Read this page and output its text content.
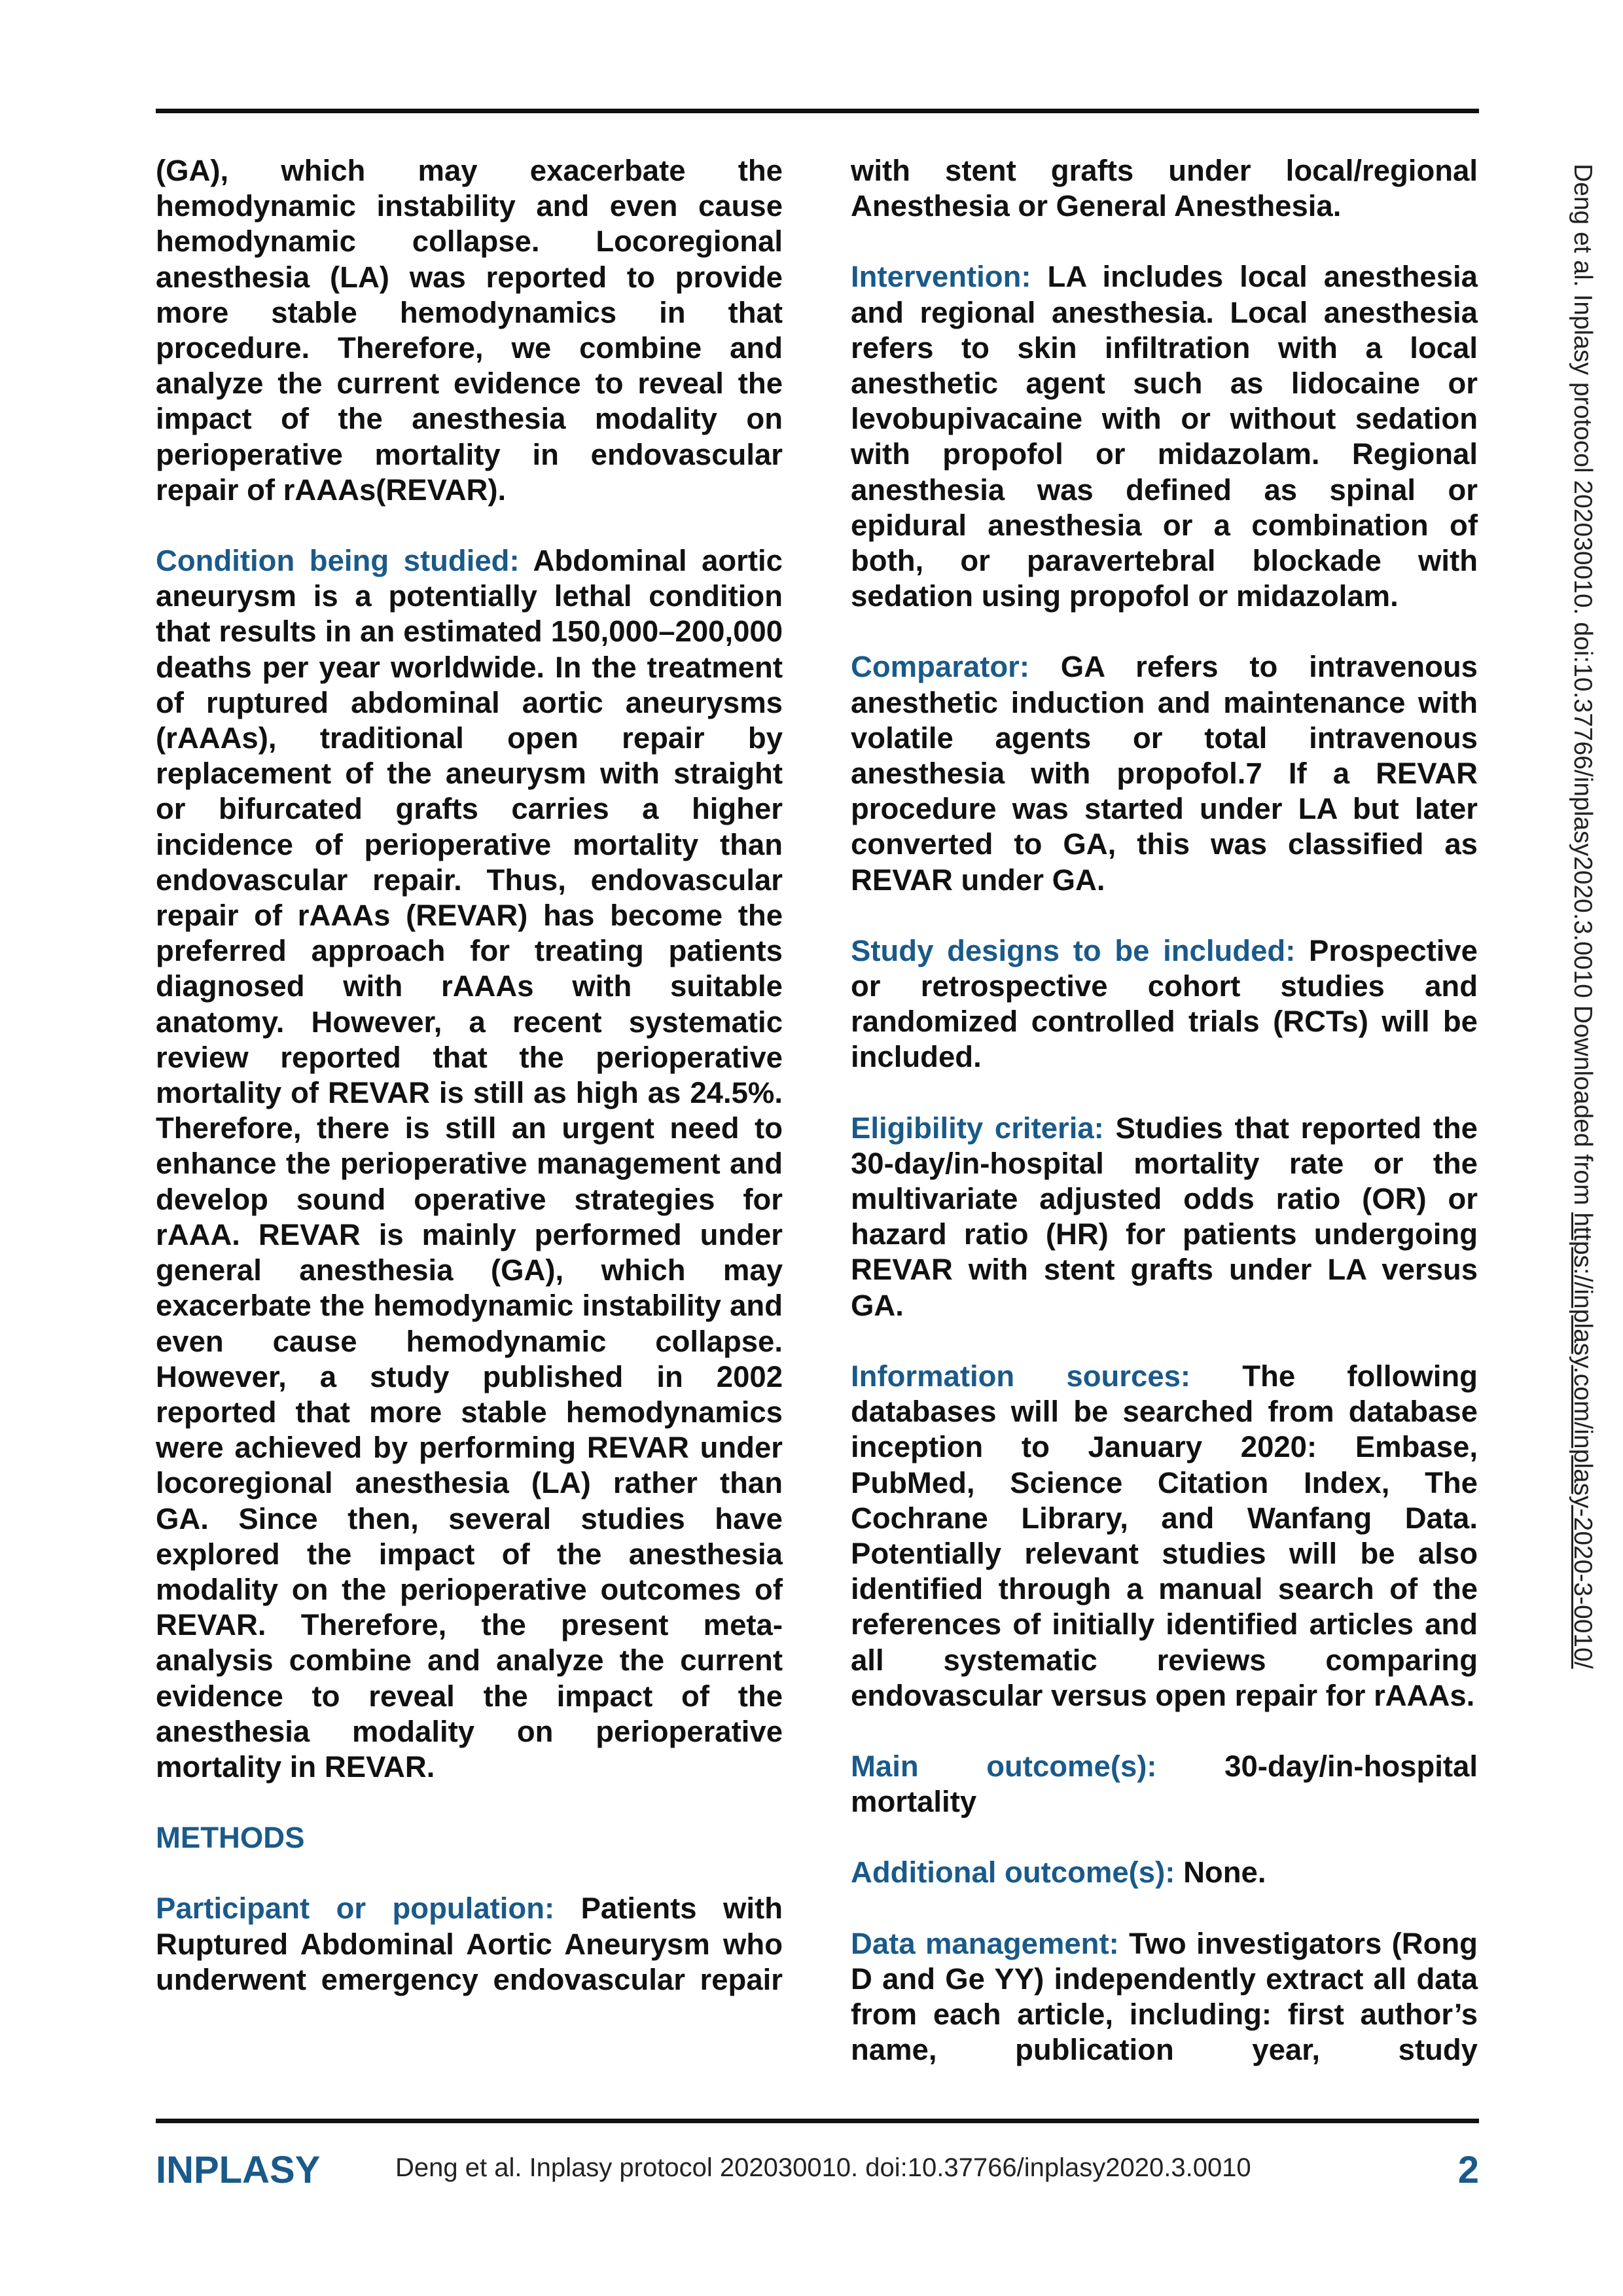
(GA), which may exacerbate the hemodynamic instability and even cause hemodynamic collapse. Locoregional anesthesia (LA) was reported to provide more stable hemodynamics in that procedure. Therefore, we combine and analyze the current evidence to reveal the impact of the anesthesia modality on perioperative mortality in endovascular repair of rAAAs(REVAR).

Condition being studied: Abdominal aortic aneurysm is a potentially lethal condition that results in an estimated 150,000–200,000 deaths per year worldwide. In the treatment of ruptured abdominal aortic aneurysms (rAAAs), traditional open repair by replacement of the aneurysm with straight or bifurcated grafts carries a higher incidence of perioperative mortality than endovascular repair. Thus, endovascular repair of rAAAs (REVAR) has become the preferred approach for treating patients diagnosed with rAAAs with suitable anatomy. However, a recent systematic review reported that the perioperative mortality of REVAR is still as high as 24.5%. Therefore, there is still an urgent need to enhance the perioperative management and develop sound operative strategies for rAAA. REVAR is mainly performed under general anesthesia (GA), which may exacerbate the hemodynamic instability and even cause hemodynamic collapse. However, a study published in 2002 reported that more stable hemodynamics were achieved by performing REVAR under locoregional anesthesia (LA) rather than GA. Since then, several studies have explored the impact of the anesthesia modality on the perioperative outcomes of REVAR. Therefore, the present meta-analysis combine and analyze the current evidence to reveal the impact of the anesthesia modality on perioperative mortality in REVAR.

METHODS

Participant or population: Patients with Ruptured Abdominal Aortic Aneurysm who underwent emergency endovascular repair

with stent grafts under local/regional Anesthesia or General Anesthesia.

Intervention: LA includes local anesthesia and regional anesthesia. Local anesthesia refers to skin infiltration with a local anesthetic agent such as lidocaine or levobupivacaine with or without sedation with propofol or midazolam. Regional anesthesia was defined as spinal or epidural anesthesia or a combination of both, or paravertebral blockade with sedation using propofol or midazolam.

Comparator: GA refers to intravenous anesthetic induction and maintenance with volatile agents or total intravenous anesthesia with propofol.7 If a REVAR procedure was started under LA but later converted to GA, this was classified as REVAR under GA.

Study designs to be included: Prospective or retrospective cohort studies and randomized controlled trials (RCTs) will be included.

Eligibility criteria: Studies that reported the 30-day/in-hospital mortality rate or the multivariate adjusted odds ratio (OR) or hazard ratio (HR) for patients undergoing REVAR with stent grafts under LA versus GA.

Information sources: The following databases will be searched from database inception to January 2020: Embase, PubMed, Science Citation Index, The Cochrane Library, and Wanfang Data. Potentially relevant studies will be also identified through a manual search of the references of initially identified articles and all systematic reviews comparing endovascular versus open repair for rAAAs.

Main outcome(s): 30-day/in-hospital mortality

Additional outcome(s): None.

Data management: Two investigators (Rong D and Ge YY) independently extract all data from each article, including: first author’s name, publication year, study

Deng et al. Inplasy protocol 202030010. doi:10.37766/inplasy2020.3.0010 Downloaded from https://inplasy.com/inplasy-2020-3-0010/
INPLASY	Deng et al. Inplasy protocol 202030010. doi:10.37766/inplasy2020.3.0010	2
